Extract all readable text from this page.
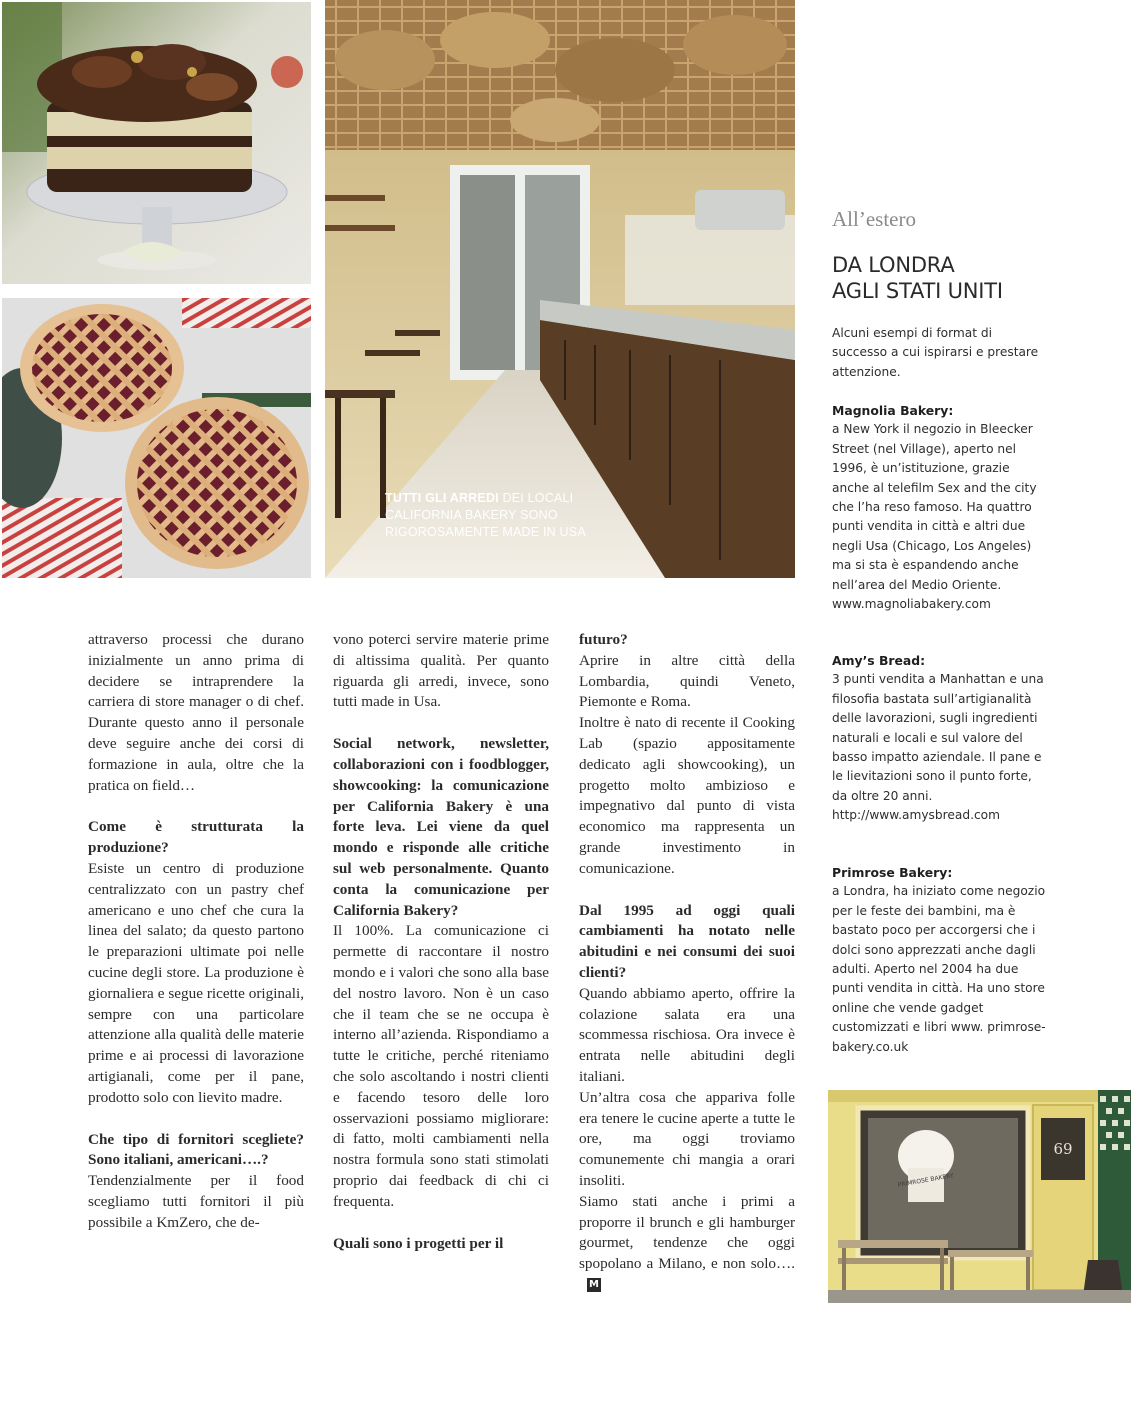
TUTTI GLI ARREDI DEI LOCALI CALIFORNIA BAKERY SONO RIGOROSAMENTE MADE IN USA
All’estero
DA LONDRA
AGLI STATI UNITI

Alcuni esempi di format di successo a cui ispirarsi e prestare attenzione.

Magnolia Bakery:

a New York il negozio in Bleecker Street (nel Village), aperto nel 1996, è un’istituzione, grazie anche al telefilm Sex and the city che l’ha reso famoso. Ha quattro punti vendita in città e altri due negli Usa (Chicago, Los Angeles) ma si sta è espandendo anche nell’area del Medio Oriente.

www.magnoliabakery.com

Amy’s Bread:

3 punti vendita a Manhattan e una filosofia bastata sull’artigianalità delle lavorazioni, sugli ingredienti naturali e locali e sul valore del basso impatto aziendale. Il pane e le lievitazioni sono il punto forte, da oltre 20 anni.

http://www.amysbread.com

Primrose Bakery:

a Londra, ha iniziato come negozio per le feste dei bambini, ma è bastato poco per accorgersi che i dolci sono apprezzati anche dagli adulti. Aperto nel 2004 ha due punti vendita in città. Ha uno store online che vende gadget customizzati e libri www. primrose-bakery.co.uk

PRIMROSE BAKERY
69

attraverso processi che durano inizialmente un anno prima di decidere se intraprendere la carriera di store manager o di chef. Durante questo anno il personale deve seguire anche dei corsi di formazione in aula, oltre che la pratica on field…

Come è strutturata la produzione?

Esiste un centro di produzione centralizzato con un pastry chef americano e uno chef che cura la linea del salato; da questo partono le preparazioni ultimate poi nelle cucine degli store. La produzione è giornaliera e segue ricette originali, sempre con una particolare attenzione alla qualità delle materie prime e ai processi di lavorazione artigianali, come per il pane, prodotto solo con lievito madre.

Che tipo di fornitori scegliete? Sono italiani, americani….?

Tendenzialmente per il food scegliamo tutti fornitori il più possibile a KmZero, che de-

vono poterci servire materie prime di altissima qualità. Per quanto riguarda gli arredi, invece, sono tutti made in Usa.

Social network, newsletter, collaborazioni con i foodblogger, showcooking: la comunicazione per California Bakery è una forte leva. Lei viene da quel mondo e risponde alle critiche sul web personalmente. Quanto conta la comunicazione per California Bakery?

Il 100%. La comunicazione ci permette di raccontare il nostro mondo e i valori che sono alla base del nostro lavoro. Non è un caso che il team che se ne occupa è interno all’azienda. Rispondiamo a tutte le critiche, perché riteniamo che solo ascoltando i nostri clienti e facendo tesoro delle loro osservazioni possiamo migliorare: di fatto, molti cambiamenti nella nostra formula sono stati stimolati proprio dai feedback di chi ci frequenta.

Quali sono i progetti per il
futuro?

Aprire in altre città della Lombardia, quindi Veneto, Piemonte e Roma.

Inoltre è nato di recente il Cooking Lab (spazio appositamente dedicato agli showcooking), un progetto molto ambizioso e impegnativo dal punto di vista economico ma rappresenta un grande investimento in comunicazione.

Dal 1995 ad oggi quali cambiamenti ha notato nelle abitudini e nei consumi dei suoi clienti?

Quando abbiamo aperto, offrire la colazione salata era una scommessa rischiosa. Ora invece è entrata nelle abitudini degli italiani.

Un’altra cosa che appariva folle era tenere le cucine aperte a tutte le ore, ma oggi troviamo comunemente chi mangia a orari insoliti.

Siamo stati anche i primi a proporre il brunch e gli hamburger gourmet, tendenze che oggi spopolano a Milano, e non solo….M
